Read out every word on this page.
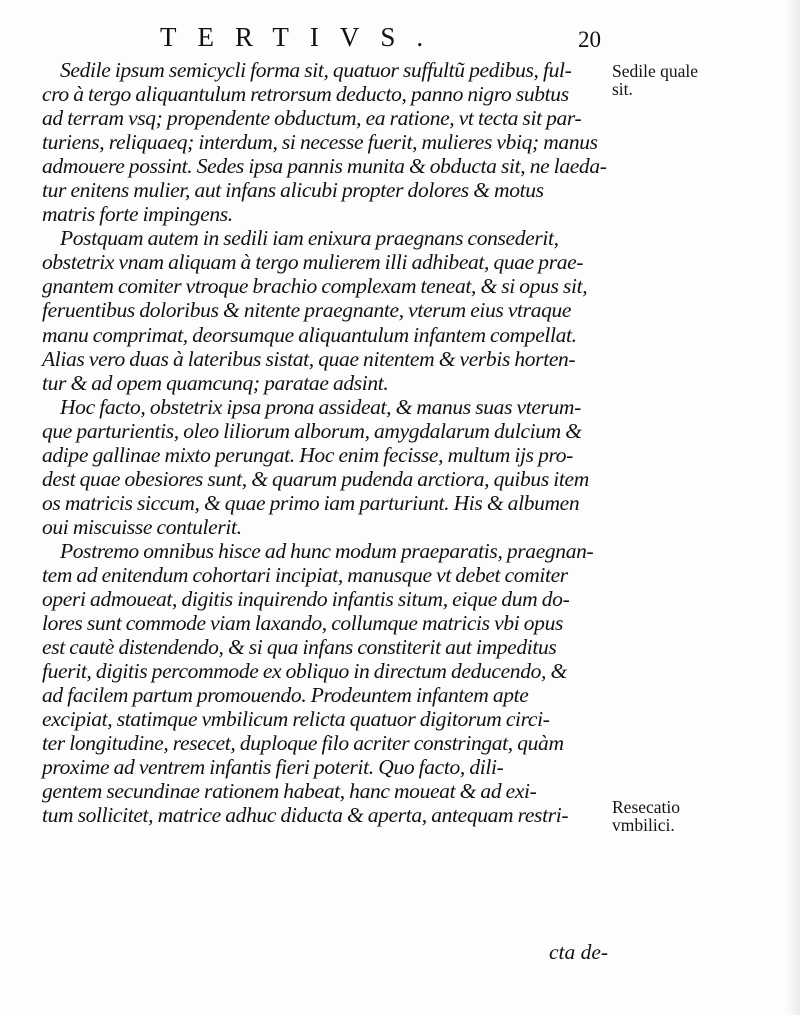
TERTIVS.	20
Sedile ipsum semicycli forma sit, quatuor suffultũ pedibus, ful-
cro à tergo aliquantulum retrorsum deducto, panno nigro subtus
ad terram vsq; propendente obductum, ea ratione, vt tecta sit par-
turiens, reliquaeq; interdum, si necesse fuerit, mulieres vbiq; manus
admouere possint. Sedes ipsa pannis munita & obducta sit, ne laeda-
tur enitens mulier, aut infans alicubi propter dolores & motus
matris forte impingens.
Postquam autem in sedili iam enixura praegnans consederit,
obstetrix vnam aliquam à tergo mulierem illi adhibeat, quae prae-
gnantem comiter vtroque brachio complexam teneat, & si opus sit,
feruentibus doloribus & nitente praegnante, vterum eius vtraque
manu comprimat, deorsumque aliquantulum infantem compellat.
Alias vero duas à lateribus sistat, quae nitentem & verbis horten-
tur & ad opem quamcunq; paratae adsint.
Hoc facto, obstetrix ipsa prona assideat, & manus suas vterum-
que parturientis, oleo liliorum alborum, amygdalarum dulcium &
adipe gallinae mixto perungat. Hoc enim fecisse, multum ijs pro-
dest quae obesiores sunt, & quarum pudenda arctiora, quibus item
os matricis siccum, & quae primo iam parturiunt. His & albumen
oui miscuisse contulerit.
Postremo omnibus hisce ad hunc modum praeparatis, praegnan-
tem ad enitendum cohortari incipiat, manusque vt debet comiter
operi admoueat, digitis inquirendo infantis situm, eique dum do-
lores sunt commode viam laxando, collumque matricis vbi opus
est cautè distendendo, & si qua infans constiterit aut impeditus
fuerit, digitis percommode ex obliquo in directum deducendo, &
ad facilem partum promouendo. Prodeuntem infantem apte
excipiat, statimque vmbilicum relicta quatuor digitorum circi-
ter longitudine, resecet, duploque filo acriter constringat, quàm
proxime ad ventrem infantis fieri poterit. Quo facto, dili-
gentem secundinae rationem habeat, hanc moueat & ad exi-
tum sollicitet, matrice adhuc diducta & aperta, antequam restri-
cta de-
Sedile quale
sit.
Resecatio
vmbilici.
